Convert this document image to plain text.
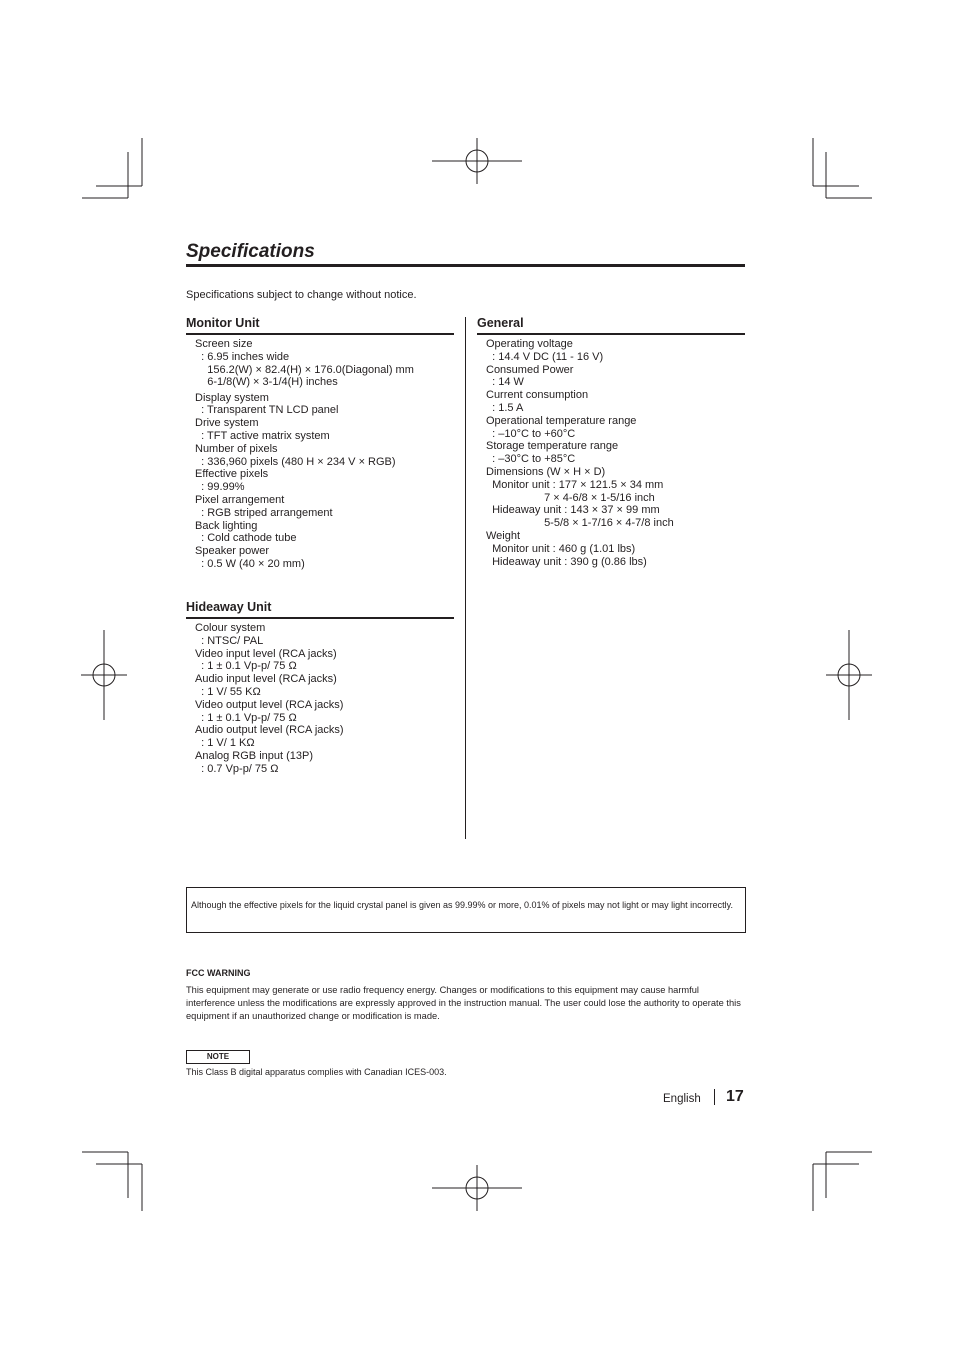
Specifications
Specifications subject to change without notice.
Monitor Unit
Screen size
: 6.95 inches wide
156.2(W) × 82.4(H) × 176.0(Diagonal) mm
6-1/8(W) × 3-1/4(H) inches
Display system
: Transparent TN LCD panel
Drive system
: TFT active matrix system
Number of pixels
: 336,960 pixels (480 H × 234 V × RGB)
Effective pixels
: 99.99%
Pixel arrangement
: RGB striped arrangement
Back lighting
: Cold cathode tube
Speaker power
: 0.5 W (40 × 20 mm)
Hideaway Unit
Colour system
: NTSC/ PAL
Video input level (RCA jacks)
: 1 ± 0.1 Vp-p/ 75 Ω
Audio input level (RCA jacks)
: 1 V/ 55 KΩ
Video output level (RCA jacks)
: 1 ± 0.1 Vp-p/ 75 Ω
Audio output level (RCA jacks)
: 1 V/ 1 KΩ
Analog RGB input (13P)
: 0.7 Vp-p/ 75 Ω
General
Operating voltage
: 14.4 V DC (11 - 16 V)
Consumed Power
: 14 W
Current consumption
: 1.5 A
Operational temperature range
: –10°C to +60°C
Storage temperature range
: –30°C to +85°C
Dimensions (W × H × D)
Monitor unit : 177 × 121.5 × 34 mm
7 × 4-6/8 × 1-5/16 inch
Hideaway unit : 143 × 37 × 99 mm
5-5/8 × 1-7/16 × 4-7/8 inch
Weight
Monitor unit : 460 g (1.01 lbs)
Hideaway unit : 390 g (0.86 lbs)
Although the effective pixels for the liquid crystal panel is given as 99.99% or more, 0.01% of pixels may not light or may light incorrectly.
FCC WARNING
This equipment may generate or use radio frequency energy. Changes or modifications to this equipment may cause harmful interference unless the modifications are expressly approved in the instruction manual. The user could lose the authority to operate this equipment if an unauthorized change or modification is made.
NOTE
This Class B digital apparatus complies with Canadian ICES-003.
English 17
